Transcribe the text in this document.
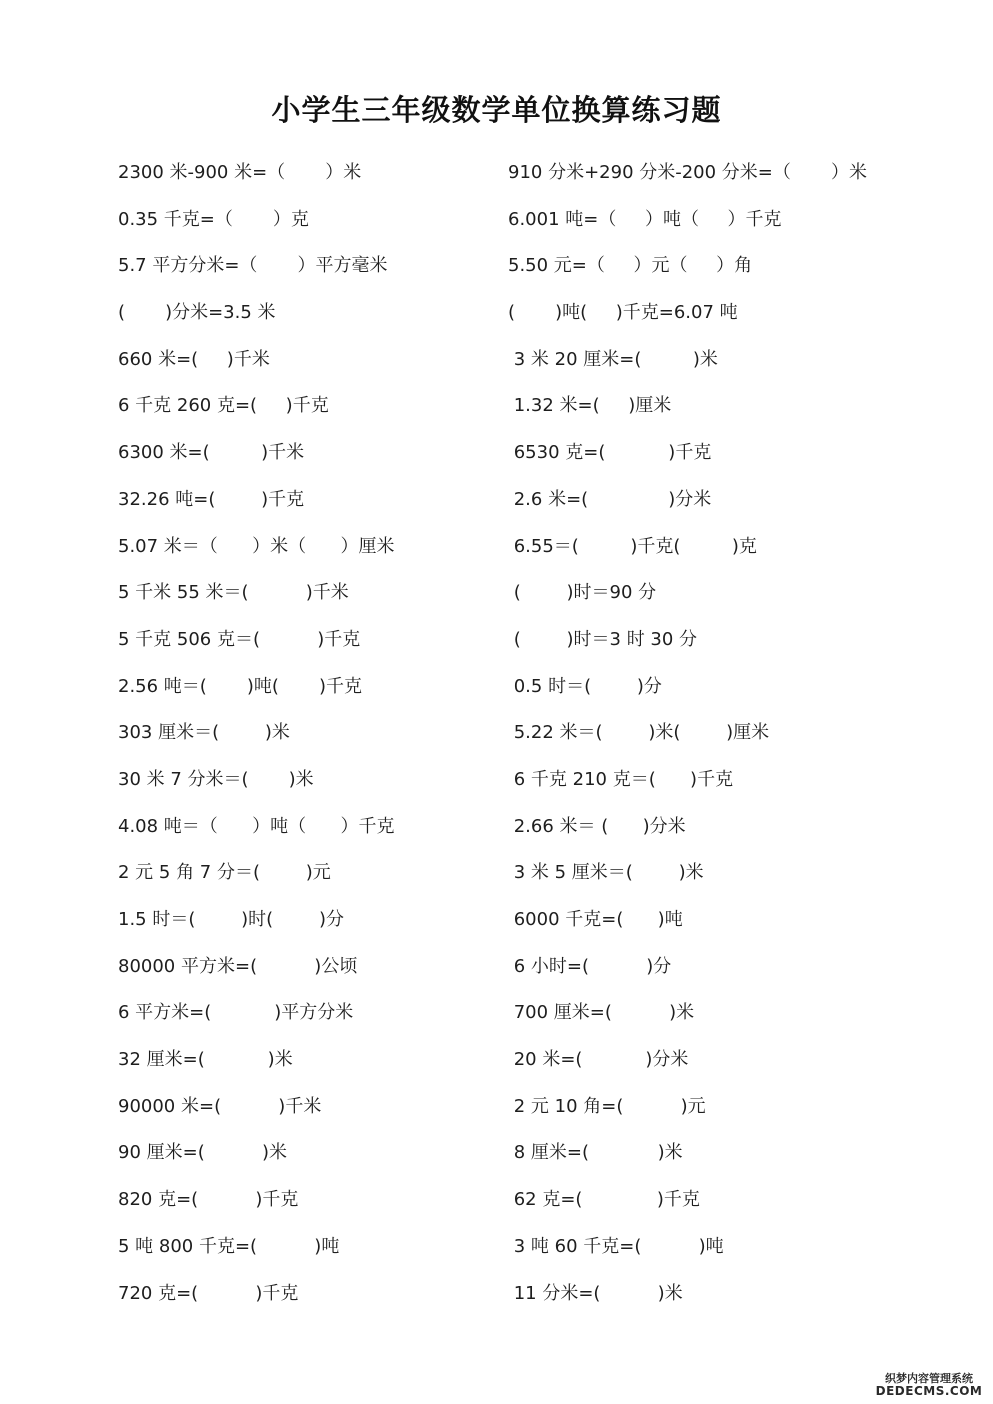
小学生三年级数学单位换算练习题
2300 米-900 米=（       ）米
0.35 千克=（       ）克
5.7 平方分米=（       ）平方毫米
(       )分米=3.5 米
660 米=(     )千米
6 千克 260 克=(     )千克
6300 米=(         )千米
32.26 吨=(        )千克
5.07 米＝（      ）米（      ）厘米
5 千米 55 米＝(          )千米
5 千克 506 克＝(          )千克
2.56 吨＝(       )吨(       )千克
303 厘米＝(        )米
30 米 7 分米＝(       )米
4.08 吨＝（      ）吨（      ）千克
2 元 5 角 7 分＝(        )元
1.5 时＝(        )时(        )分
80000 平方米=(          )公顷
6 平方米=(           )平方分米
32 厘米=(           )米
90000 米=(          )千米
90 厘米=(          )米
820 克=(          )千克
5 吨 800 千克=(          )吨
720 克=(          )千克
910 分米+290 分米-200 分米=（       ）米
6.001 吨=（     ）吨（     ）千克
5.50 元=（     ）元（     ）角
(       )吨(     )千克=6.07 吨
3 米 20 厘米=(         )米
1.32 米=(     )厘米
6530 克=(           )千克
2.6 米=(              )分米
6.55＝(         )千克(         )克
(        )时＝90 分
(        )时＝3 时 30 分
0.5 时＝(        )分
5.22 米＝(        )米(        )厘米
6 千克 210 克＝(      )千克
2.66 米＝ (      )分米
3 米 5 厘米＝(        )米
6000 千克=(      )吨
6 小时=(          )分
700 厘米=(          )米
20 米=(           )分米
2 元 10 角=(          )元
8 厘米=(            )米
62 克=(             )千克
3 吨 60 千克=(          )吨
11 分米=(          )米
织梦内容管理系统
DEDECMS.COM
